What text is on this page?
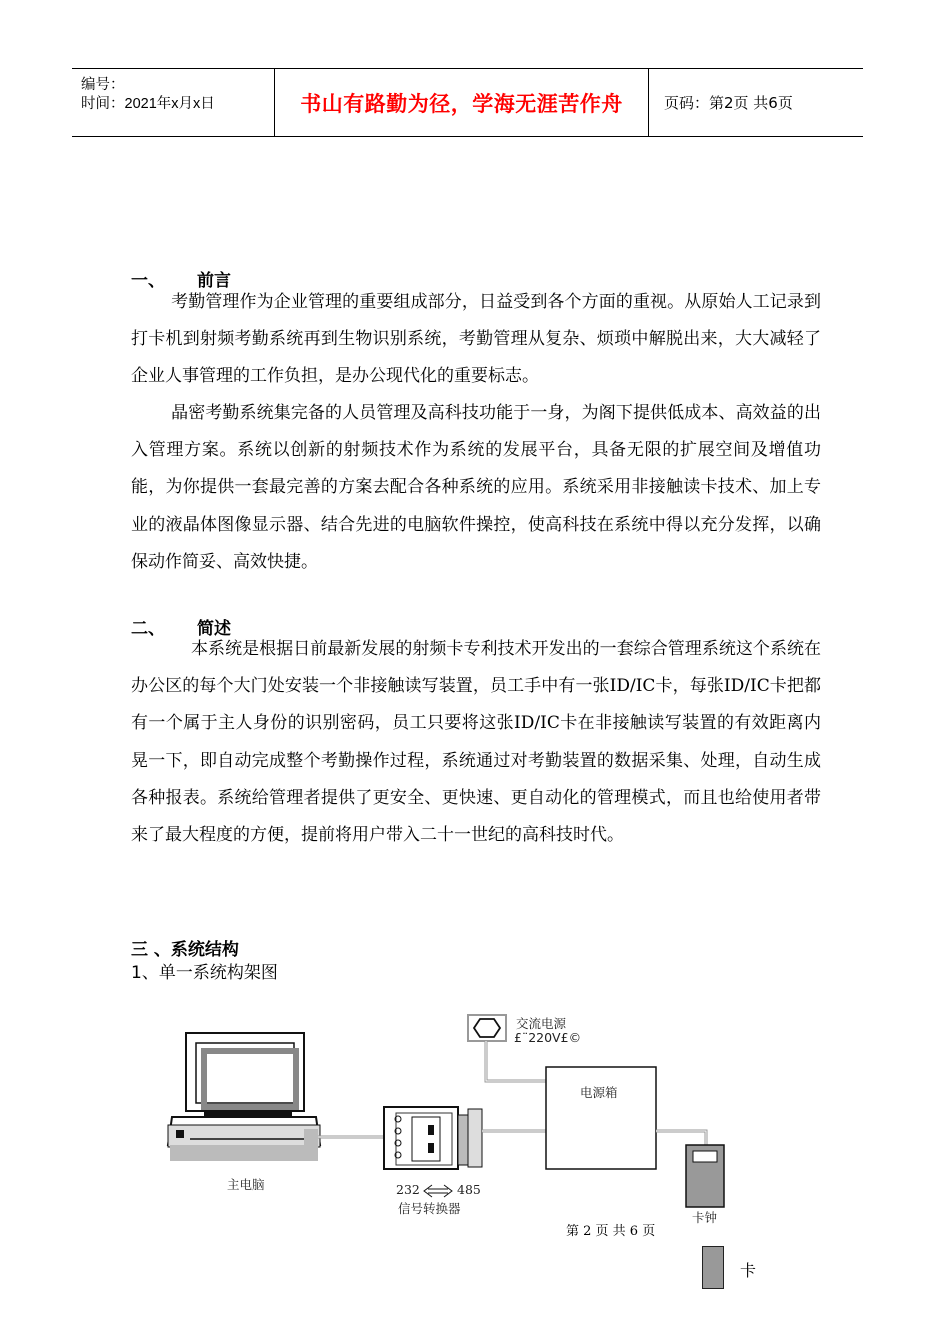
编号：
时间：2021年x月x日	书山有路勤为径，学海无涯苦作舟	页码：第2页 共6页
一、 前言
考勤管理作为企业管理的重要组成部分，日益受到各个方面的重视。从原始人工记录到打卡机到射频考勤系统再到生物识别系统，考勤管理从复杂、烦琐中解脱出来，大大减轻了企业人事管理的工作负担，是办公现代化的重要标志。
晶密考勤系统集完备的人员管理及高科技功能于一身，为阁下提供低成本、高效益的出入管理方案。系统以创新的射频技术作为系统的发展平台，具备无限的扩展空间及增值功能，为你提供一套最完善的方案去配合各种系统的应用。系统采用非接触读卡技术、加上专业的液晶体图像显示器、结合先进的电脑软件操控，使高科技在系统中得以充分发挥，以确保动作简妥、高效快捷。
二、 简述
本系统是根据日前最新发展的射频卡专利技术开发出的一套综合管理系统这个系统在办公区的每个大门处安装一个非接触读写装置，员工手中有一张ID/IC卡，每张ID/IC卡把都有一个属于主人身份的识别密码，员工只要将这张ID/IC卡在非接触读写装置的有效距离内晃一下，即自动完成整个考勤操作过程，系统通过对考勤装置的数据采集、处理，自动生成各种报表。系统给管理者提供了更安全、更快速、更自动化的管理模式，而且也给使用者带来了最大程度的方便，提前将用户带入二十一世纪的高科技时代。
三 、系统结构
1、单一系统构架图
交流电源
£¨220V£©
电源箱
主电脑	232	485
信号转换器
卡钟
第 2 页 共 6 页
卡
